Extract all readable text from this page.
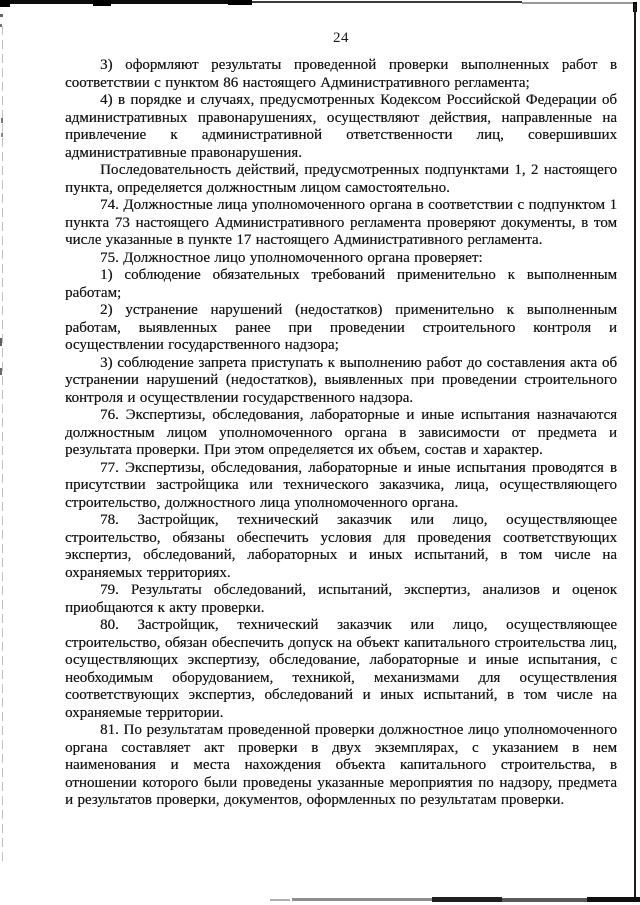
24

3) оформляют результаты проведенной проверки выполненных работ в соответствии с пунктом 86 настоящего Административного регламента;

4) в порядке и случаях, предусмотренных Кодексом Российской Федерации об административных правонарушениях, осуществляют действия, направленные на привлечение к административной ответственности лиц, совершивших административные правонарушения.

Последовательность действий, предусмотренных подпунктами 1, 2 настоящего пункта, определяется должностным лицом самостоятельно.

74. Должностные лица уполномоченного органа в соответствии с подпунктом 1 пункта 73 настоящего Административного регламента проверяют документы, в том числе указанные в пункте 17 настоящего Административного регламента.

75. Должностное лицо уполномоченного органа проверяет:

1) соблюдение обязательных требований применительно к выполненным работам;

2) устранение нарушений (недостатков) применительно к выполненным работам, выявленных ранее при проведении строительного контроля и осуществлении государственного надзора;

3) соблюдение запрета приступать к выполнению работ до составления акта об устранении нарушений (недостатков), выявленных при проведении строительного контроля и осуществлении государственного надзора.

76. Экспертизы, обследования, лабораторные и иные испытания назначаются должностным лицом уполномоченного органа в зависимости от предмета и результата проверки. При этом определяется их объем, состав и характер.

77. Экспертизы, обследования, лабораторные и иные испытания проводятся в присутствии застройщика или технического заказчика, лица, осуществляющего строительство, должностного лица уполномоченного органа.

78. Застройщик, технический заказчик или лицо, осуществляющее строительство, обязаны обеспечить условия для проведения соответствующих экспертиз, обследований, лабораторных и иных испытаний, в том числе на охраняемых территориях.

79. Результаты обследований, испытаний, экспертиз, анализов и оценок приобщаются к акту проверки.

80. Застройщик, технический заказчик или лицо, осуществляющее строительство, обязан обеспечить допуск на объект капитального строительства лиц, осуществляющих экспертизу, обследование, лабораторные и иные испытания, с необходимым оборудованием, техникой, механизмами для осуществления соответствующих экспертиз, обследований и иных испытаний, в том числе на охраняемые территории.

81. По результатам проведенной проверки должностное лицо уполномоченного органа составляет акт проверки в двух экземплярах, с указанием в нем наименования и места нахождения объекта капитального строительства, в отношении которого были проведены указанные мероприятия по надзору, предмета и результатов проверки, документов, оформленных по результатам проверки.
